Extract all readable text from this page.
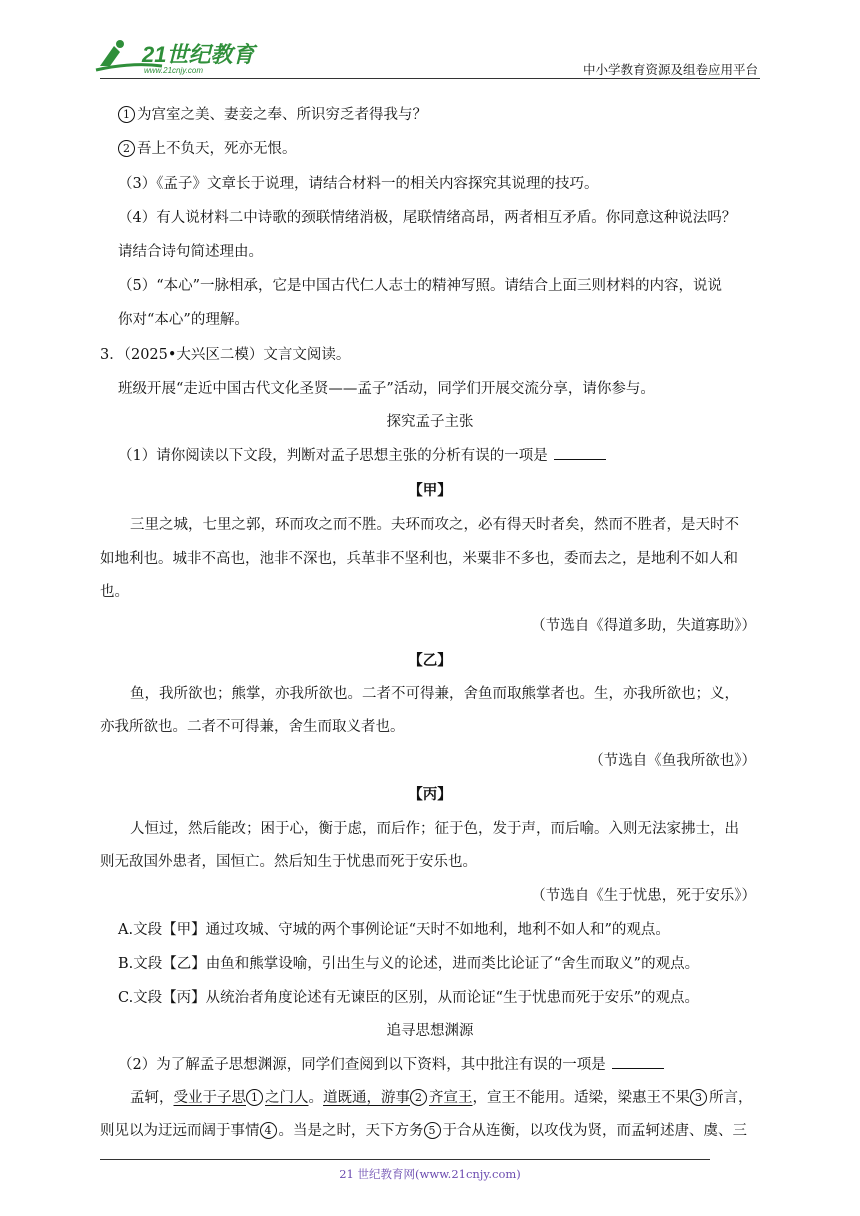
21世纪教育
www.21cnjy.com	中小学教育资源及组卷应用平台
1 为宫室之美、妻妾之奉、所识穷乏者得我与？
2 吾上不负天，死亦无恨。
（3）《孟子》文章长于说理，请结合材料一的相关内容探究其说理的技巧。
（4）有人说材料二中诗歌的颈联情绪消极，尾联情绪高昂，两者相互矛盾。你同意这种说法吗？
请结合诗句简述理由。
（5）“本心”一脉相承，它是中国古代仁人志士的精神写照。请结合上面三则材料的内容，说说
你对“本心”的理解。
3．（2025•大兴区二模）文言文阅读。
班级开展“走近中国古代文化圣贤——孟子”活动，同学们开展交流分享，请你参与。
探究孟子主张
（1）请你阅读以下文段，判断对孟子思想主张的分析有误的一项是
【甲】
三里之城，七里之郭，环而攻之而不胜。夫环而攻之，必有得天时者矣，然而不胜者，是天时不
如地利也。城非不高也，池非不深也，兵革非不坚利也，米粟非不多也，委而去之，是地利不如人和
也。
（节选自《得道多助，失道寡助》）
【乙】
鱼，我所欲也；熊掌，亦我所欲也。二者不可得兼，舍鱼而取熊掌者也。生，亦我所欲也；义，
亦我所欲也。二者不可得兼，舍生而取义者也。
（节选自《鱼我所欲也》）
【丙】
人恒过，然后能改；困于心，衡于虑，而后作；征于色，发于声，而后喻。入则无法家拂士，出
则无敌国外患者，国恒亡。然后知生于忧患而死于安乐也。
（节选自《生于忧患，死于安乐》）
A.文段【甲】通过攻城、守城的两个事例论证“天时不如地利，地利不如人和”的观点。
B.文段【乙】由鱼和熊掌设喻，引出生与义的论述，进而类比论证了“舍生而取义”的观点。
C.文段【丙】从统治者角度论述有无谏臣的区别，从而论证“生于忧患而死于安乐”的观点。
追寻思想渊源
（2）为了解孟子思想渊源，同学们查阅到以下资料，其中批注有误的一项是
孟轲，受业于子思 1 之门人。道既通，游事 2 齐宣王，宣王不能用。适梁，梁惠王不果 3 所言，
则见以为迂远而阔于事情 4 。当是之时，天下方务 5 于合从连衡，以攻伐为贤，而孟轲述唐、虞、三
21 世纪教育网(www.21cnjy.com)
